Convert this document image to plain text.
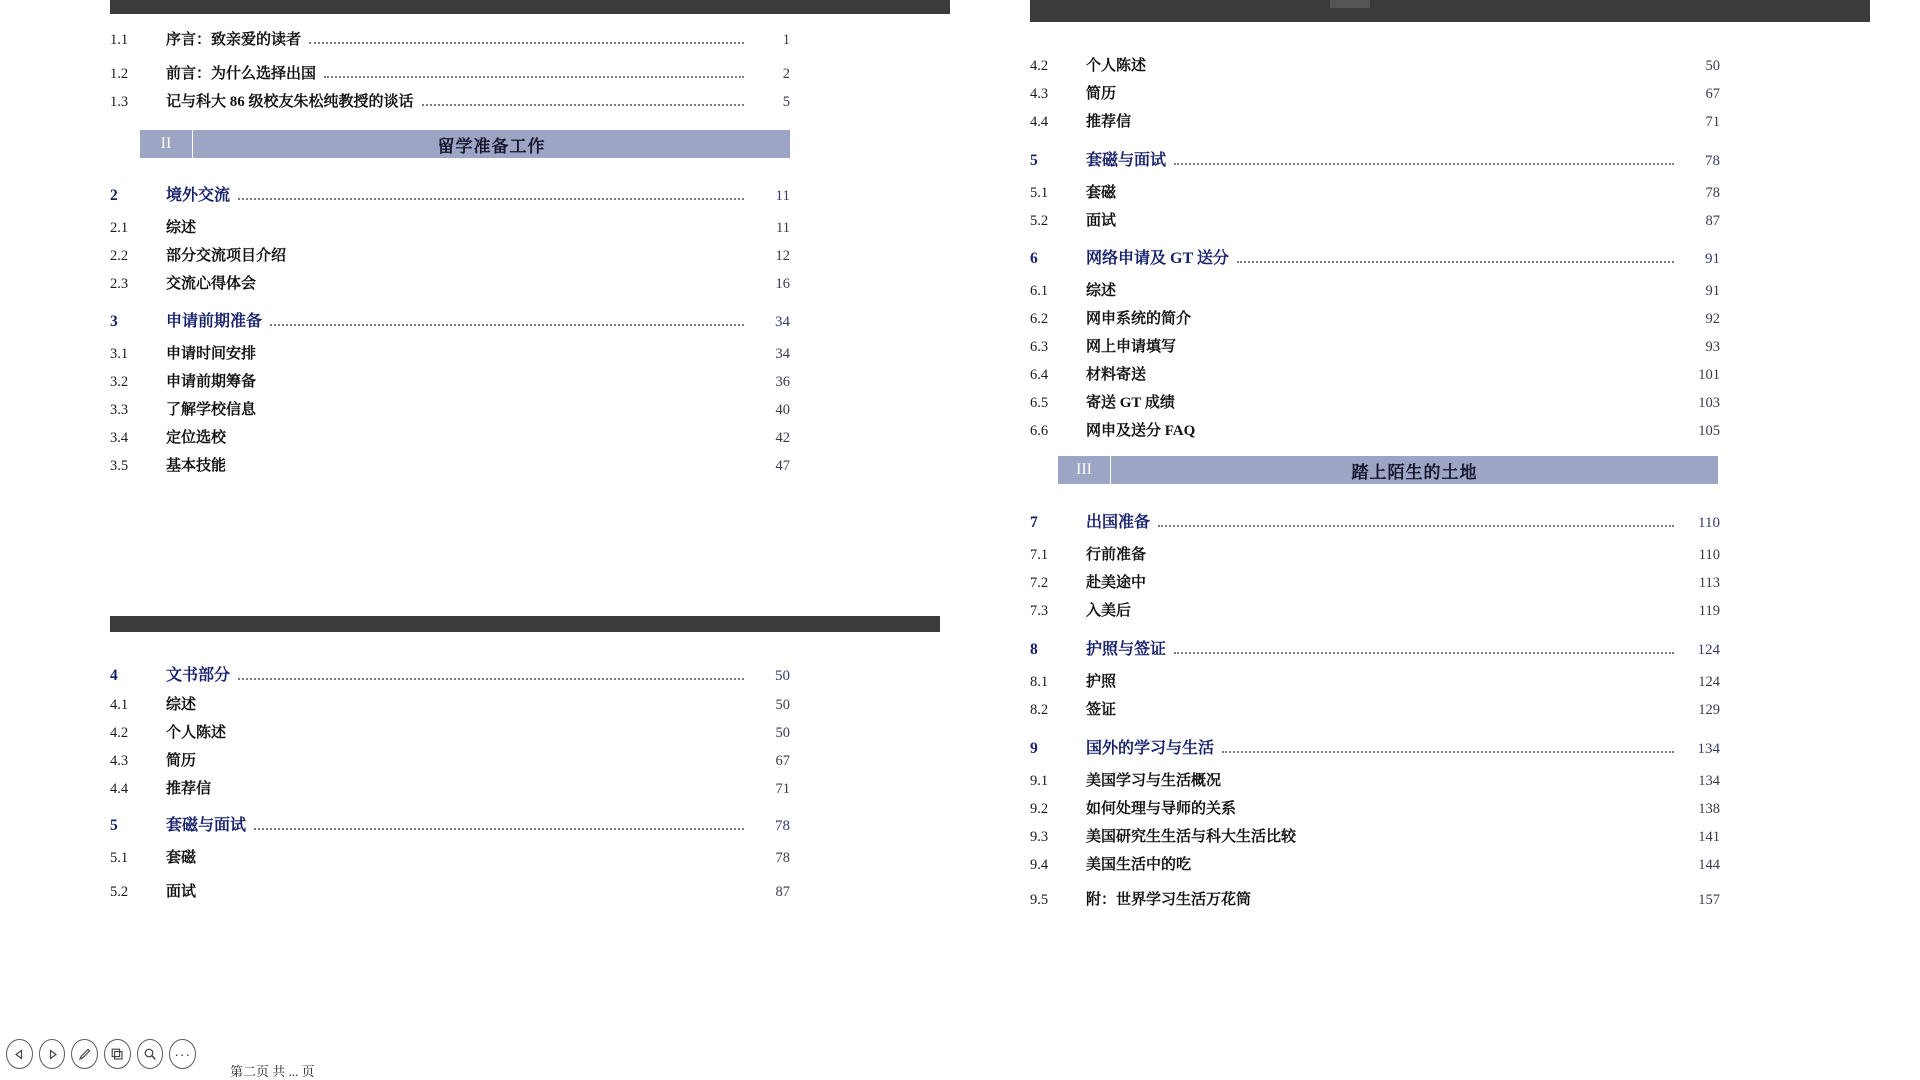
1.1	序言：致亲爱的读者	1
1.2	前言：为什么选择出国	2
1.3	记与科大 86 级校友朱松纯教授的谈话	5
II	留学准备工作
2	境外交流	11
2.1	综述	11
2.2	部分交流项目介绍	12
2.3	交流心得体会	16
3	申请前期准备	34
3.1	申请时间安排	34
3.2	申请前期筹备	36
3.3	了解学校信息	40
3.4	定位选校	42
3.5	基本技能	47
4	文书部分	50
4.1	综述	50
4.2	个人陈述	50
4.3	简历	67
4.4	推荐信	71
5	套磁与面试	78
5.1	套磁	78
5.2	面试	87
4.2	个人陈述	50
4.3	简历	67
4.4	推荐信	71
5	套磁与面试	78
5.1	套磁	78
5.2	面试	87
6	网络申请及 GT 送分	91
6.1	综述	91
6.2	网申系统的简介	92
6.3	网上申请填写	93
6.4	材料寄送	101
6.5	寄送 GT 成绩	103
6.6	网申及送分 FAQ	105
III	踏上陌生的土地
7	出国准备	110
7.1	行前准备	110
7.2	赴美途中	113
7.3	入美后	119
8	护照与签证	124
8.1	护照	124
8.2	签证	129
9	国外的学习与生活	134
9.1	美国学习与生活概况	134
9.2	如何处理与导师的关系	138
9.3	美国研究生生活与科大生活比较	141
9.4	美国生活中的吃	144
9.5	附：世界学习生活万花筒	157
···
第二页 共 ... 页
